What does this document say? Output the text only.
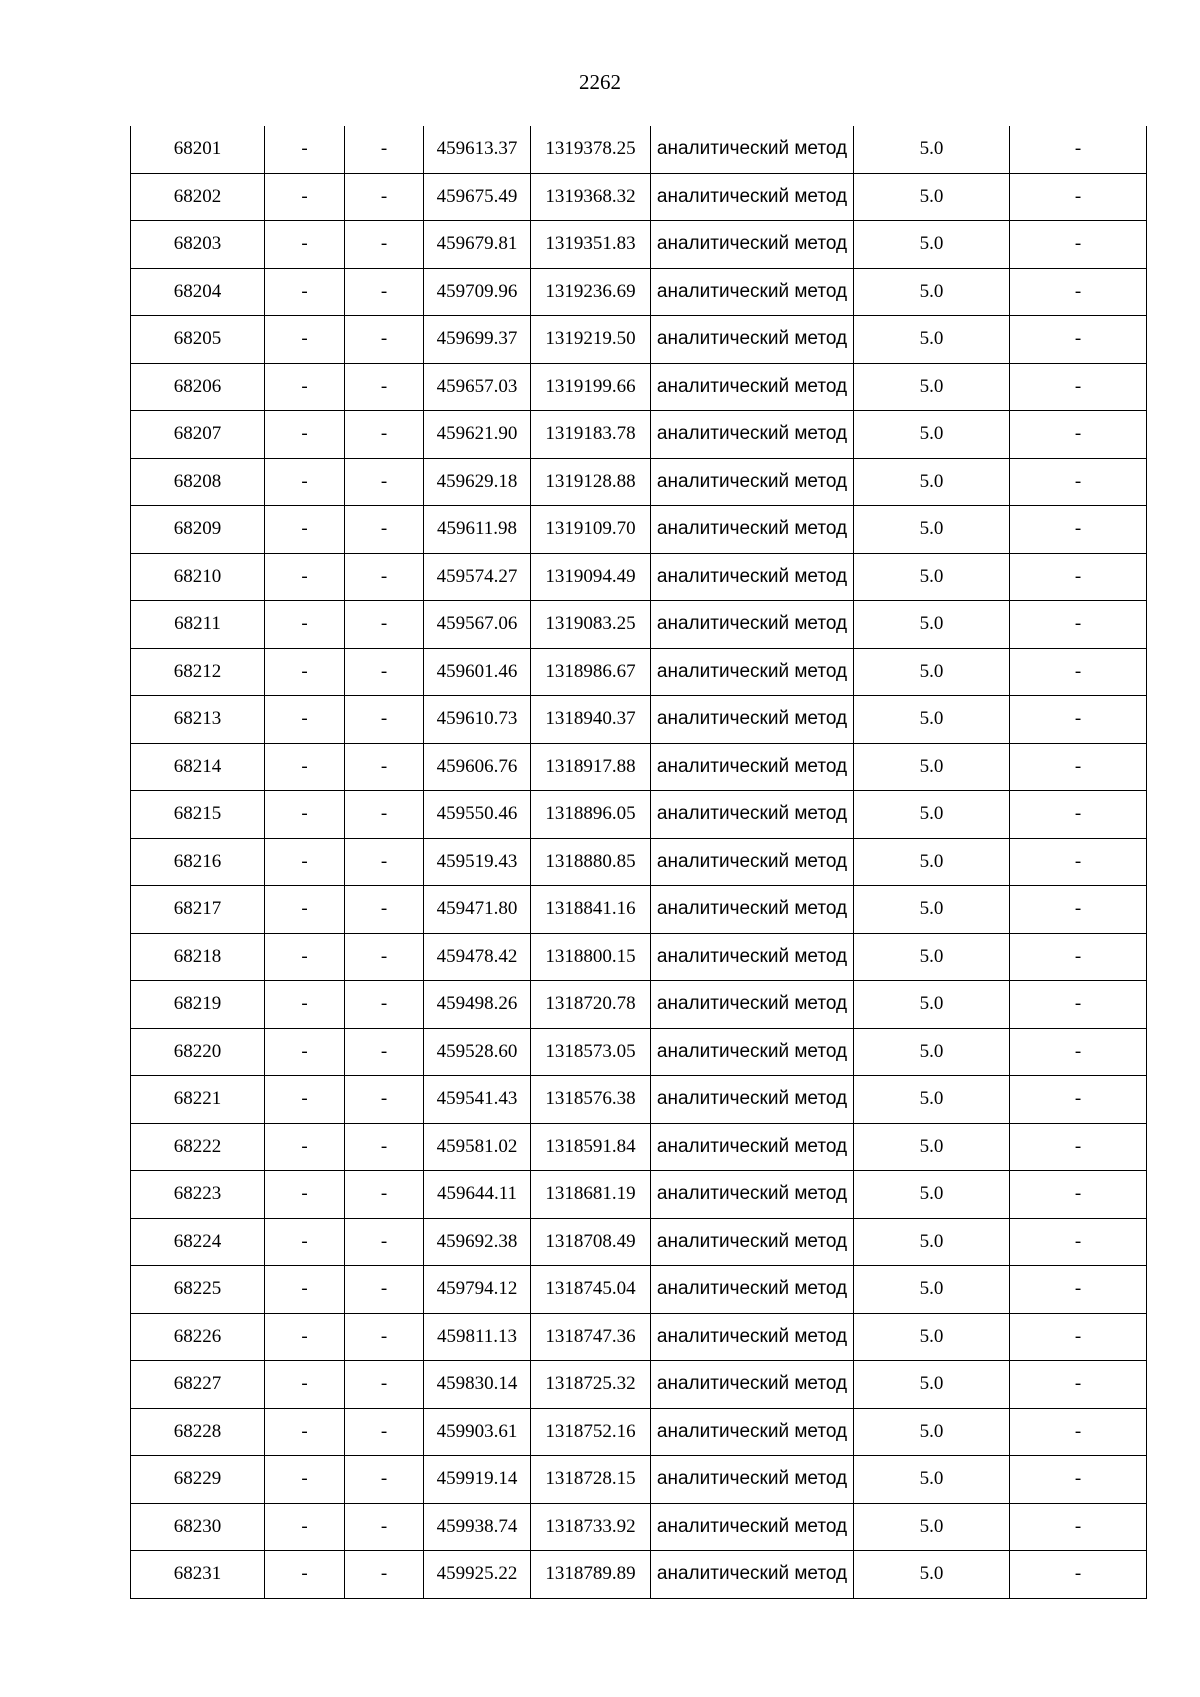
2262
68201	-	-	459613.37	1319378.25	аналитический метод	5.0	-
68202	-	-	459675.49	1319368.32	аналитический метод	5.0	-
68203	-	-	459679.81	1319351.83	аналитический метод	5.0	-
68204	-	-	459709.96	1319236.69	аналитический метод	5.0	-
68205	-	-	459699.37	1319219.50	аналитический метод	5.0	-
68206	-	-	459657.03	1319199.66	аналитический метод	5.0	-
68207	-	-	459621.90	1319183.78	аналитический метод	5.0	-
68208	-	-	459629.18	1319128.88	аналитический метод	5.0	-
68209	-	-	459611.98	1319109.70	аналитический метод	5.0	-
68210	-	-	459574.27	1319094.49	аналитический метод	5.0	-
68211	-	-	459567.06	1319083.25	аналитический метод	5.0	-
68212	-	-	459601.46	1318986.67	аналитический метод	5.0	-
68213	-	-	459610.73	1318940.37	аналитический метод	5.0	-
68214	-	-	459606.76	1318917.88	аналитический метод	5.0	-
68215	-	-	459550.46	1318896.05	аналитический метод	5.0	-
68216	-	-	459519.43	1318880.85	аналитический метод	5.0	-
68217	-	-	459471.80	1318841.16	аналитический метод	5.0	-
68218	-	-	459478.42	1318800.15	аналитический метод	5.0	-
68219	-	-	459498.26	1318720.78	аналитический метод	5.0	-
68220	-	-	459528.60	1318573.05	аналитический метод	5.0	-
68221	-	-	459541.43	1318576.38	аналитический метод	5.0	-
68222	-	-	459581.02	1318591.84	аналитический метод	5.0	-
68223	-	-	459644.11	1318681.19	аналитический метод	5.0	-
68224	-	-	459692.38	1318708.49	аналитический метод	5.0	-
68225	-	-	459794.12	1318745.04	аналитический метод	5.0	-
68226	-	-	459811.13	1318747.36	аналитический метод	5.0	-
68227	-	-	459830.14	1318725.32	аналитический метод	5.0	-
68228	-	-	459903.61	1318752.16	аналитический метод	5.0	-
68229	-	-	459919.14	1318728.15	аналитический метод	5.0	-
68230	-	-	459938.74	1318733.92	аналитический метод	5.0	-
68231	-	-	459925.22	1318789.89	аналитический метод	5.0	-
